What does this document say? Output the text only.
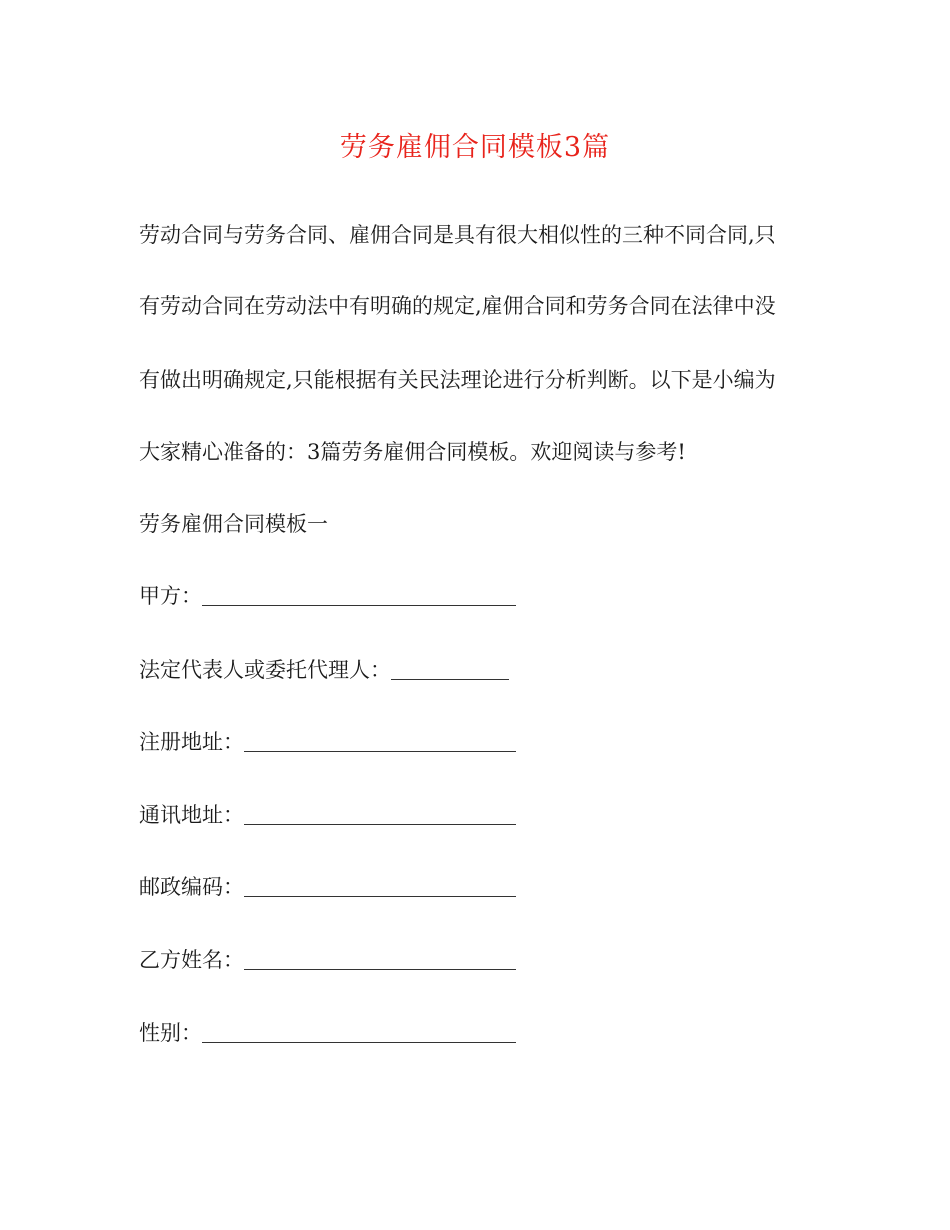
劳务雇佣合同模板3篇
劳动合同与劳务合同、雇佣合同是具有很大相似性的三种不同合同,只
有劳动合同在劳动法中有明确的规定,雇佣合同和劳务合同在法律中没
有做出明确规定,只能根据有关民法理论进行分析判断。以下是小编为
大家精心准备的：3篇劳务雇佣合同模板。欢迎阅读与参考!
劳务雇佣合同模板一
甲方：
法定代表人或委托代理人：
注册地址：
通讯地址：
邮政编码：
乙方姓名：
性别：
